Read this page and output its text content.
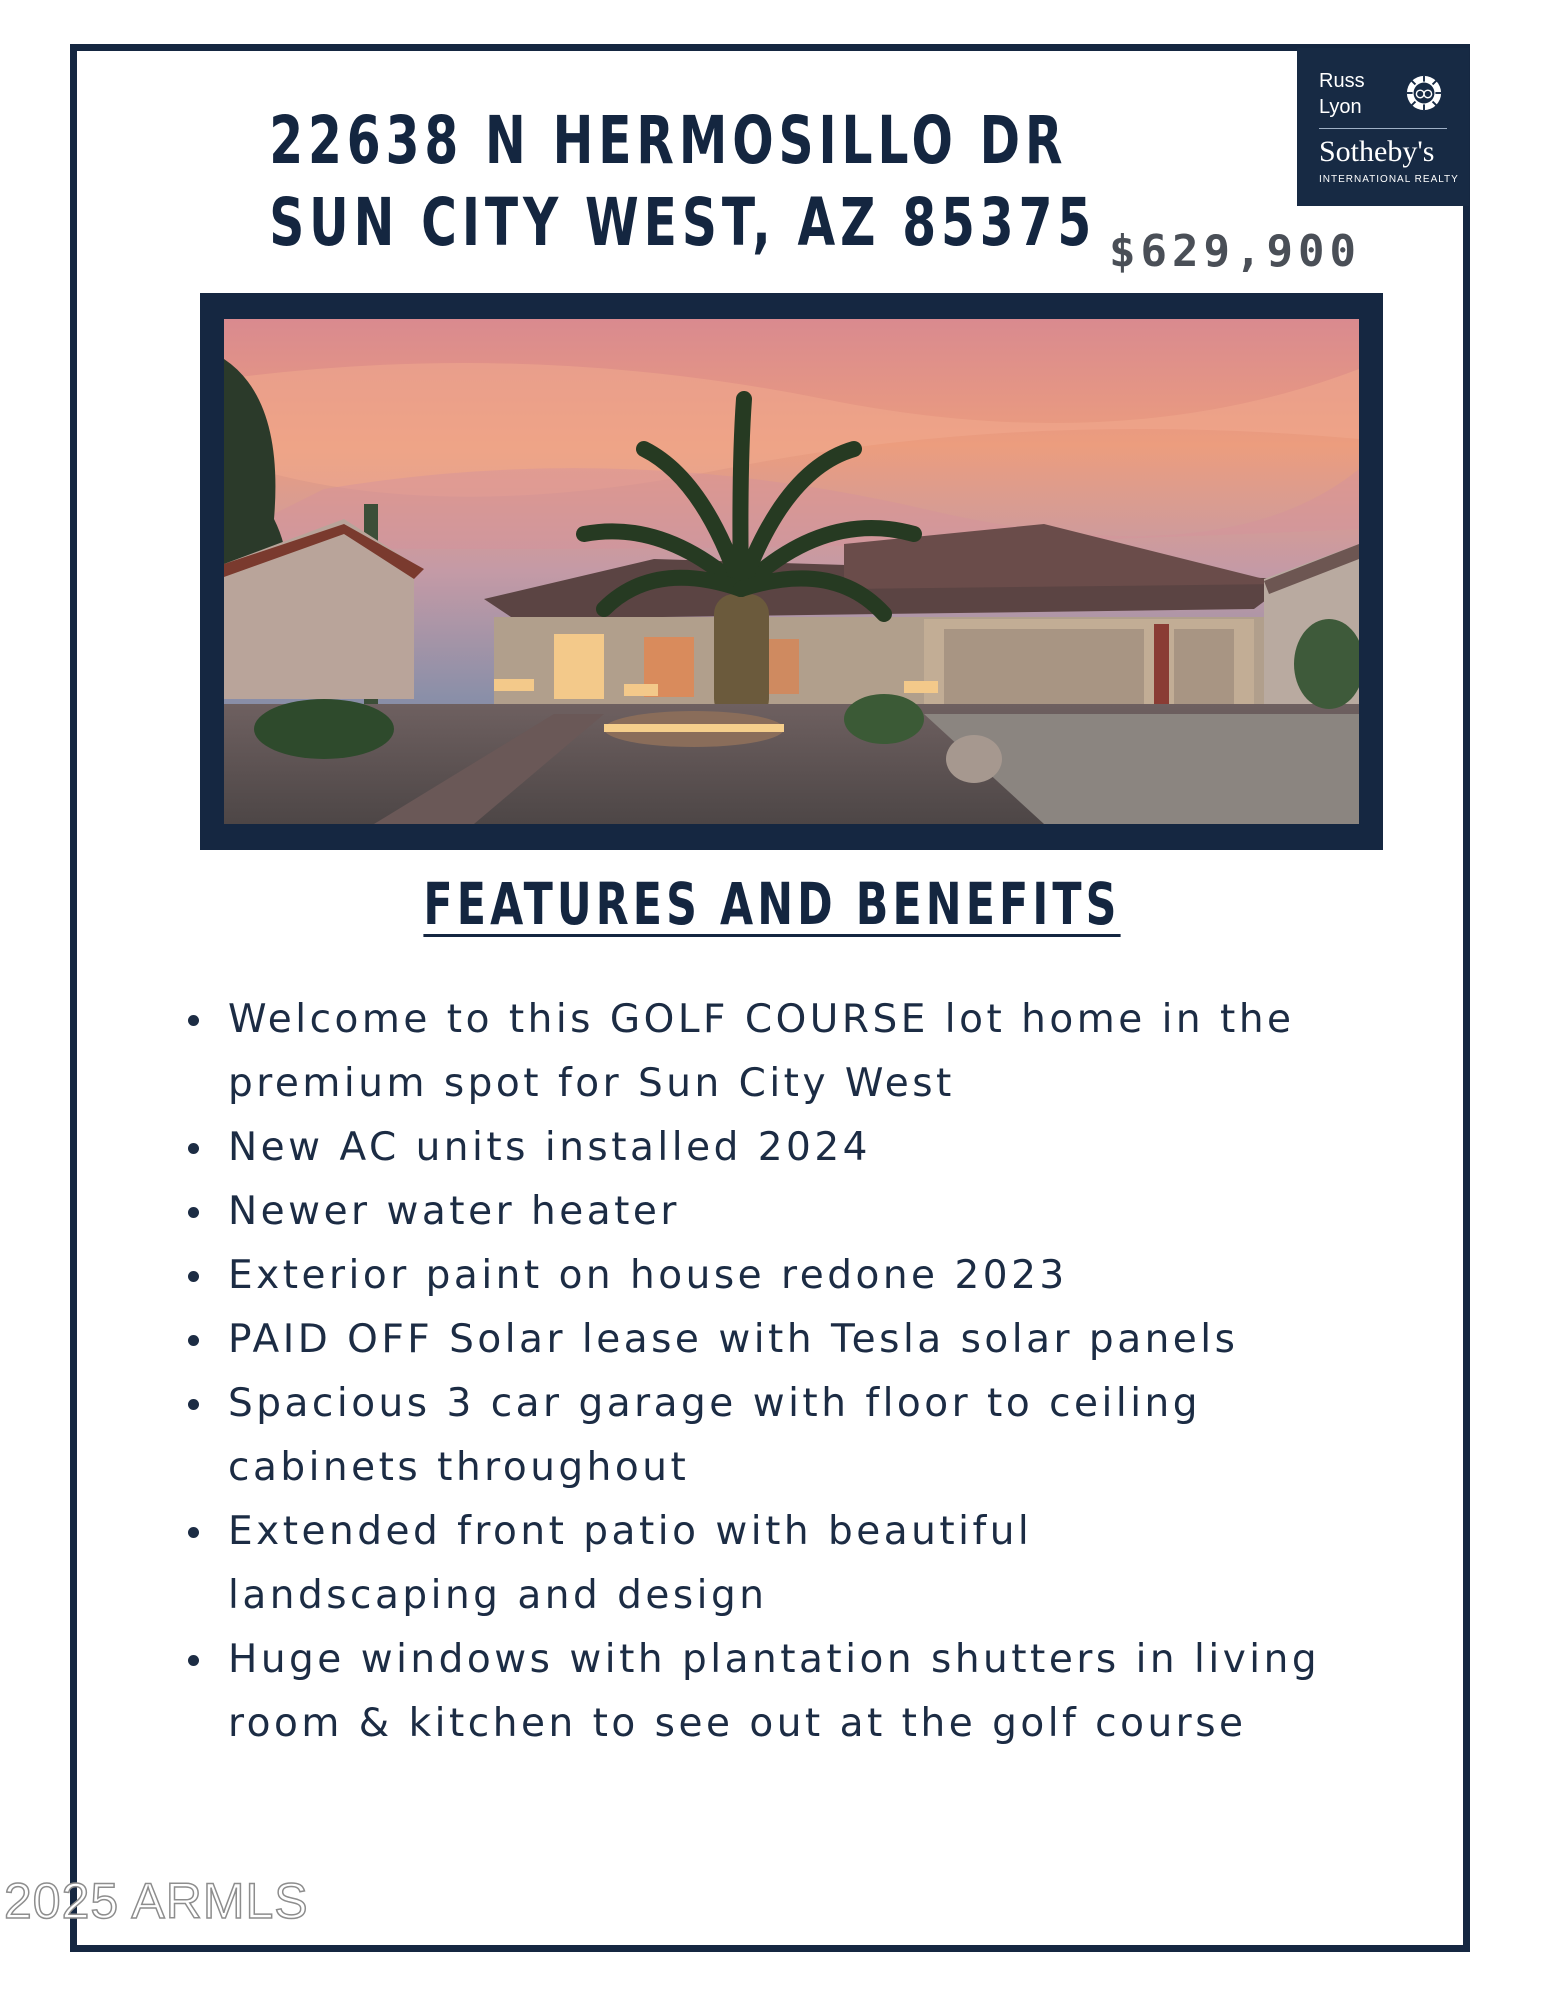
Russ
Lyon
Sotheby's
INTERNATIONAL REALTY
22638 N HERMOSILLO DR
SUN CITY WEST, AZ 85375 $629,900
FEATURES AND BENEFITS
Welcome to this GOLF COURSE lot home in the premium spot for Sun City West
New AC units installed 2024
Newer water heater
Exterior paint on house redone 2023
PAID OFF Solar lease with Tesla solar panels
Spacious 3 car garage with floor to ceiling cabinets throughout
Extended front patio with beautiful landscaping and design
Huge windows with plantation shutters in living room & kitchen to see out at the golf course
2025 ARMLS
